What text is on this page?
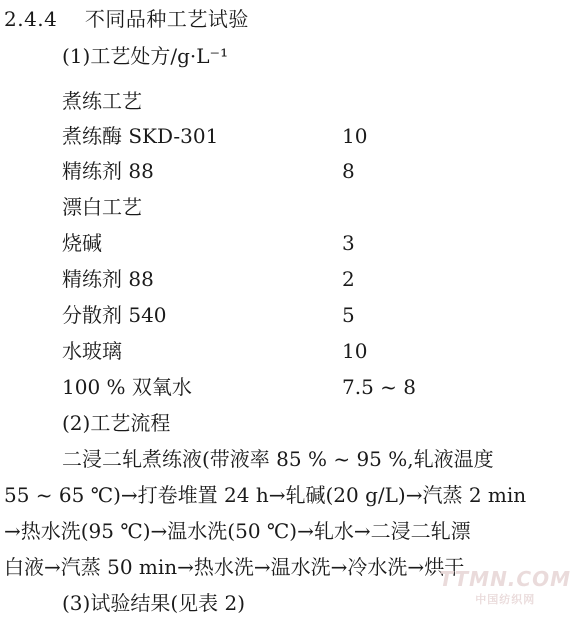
2.4.4 不同品种工艺试验
(1)工艺处方/g·L⁻¹
煮练工艺
煮练酶 SKD-301	10
精练剂 88	8
漂白工艺
烧碱	3
精练剂 88	2
分散剂 540	5
水玻璃	10
100 % 双氧水	7.5 ~ 8
(2)工艺流程
二浸二轧煮练液(带液率 85 % ~ 95 %,轧液温度
55 ~ 65 ℃)→打卷堆置 24 h→轧碱(20 g/L)→汽蒸 2 min
→热水洗(95 ℃)→温水洗(50 ℃)→轧水→二浸二轧漂
白液→汽蒸 50 min→热水洗→温水洗→冷水洗→烘干
(3)试验结果(见表 2)
TTMN.COM
中国纺织网
